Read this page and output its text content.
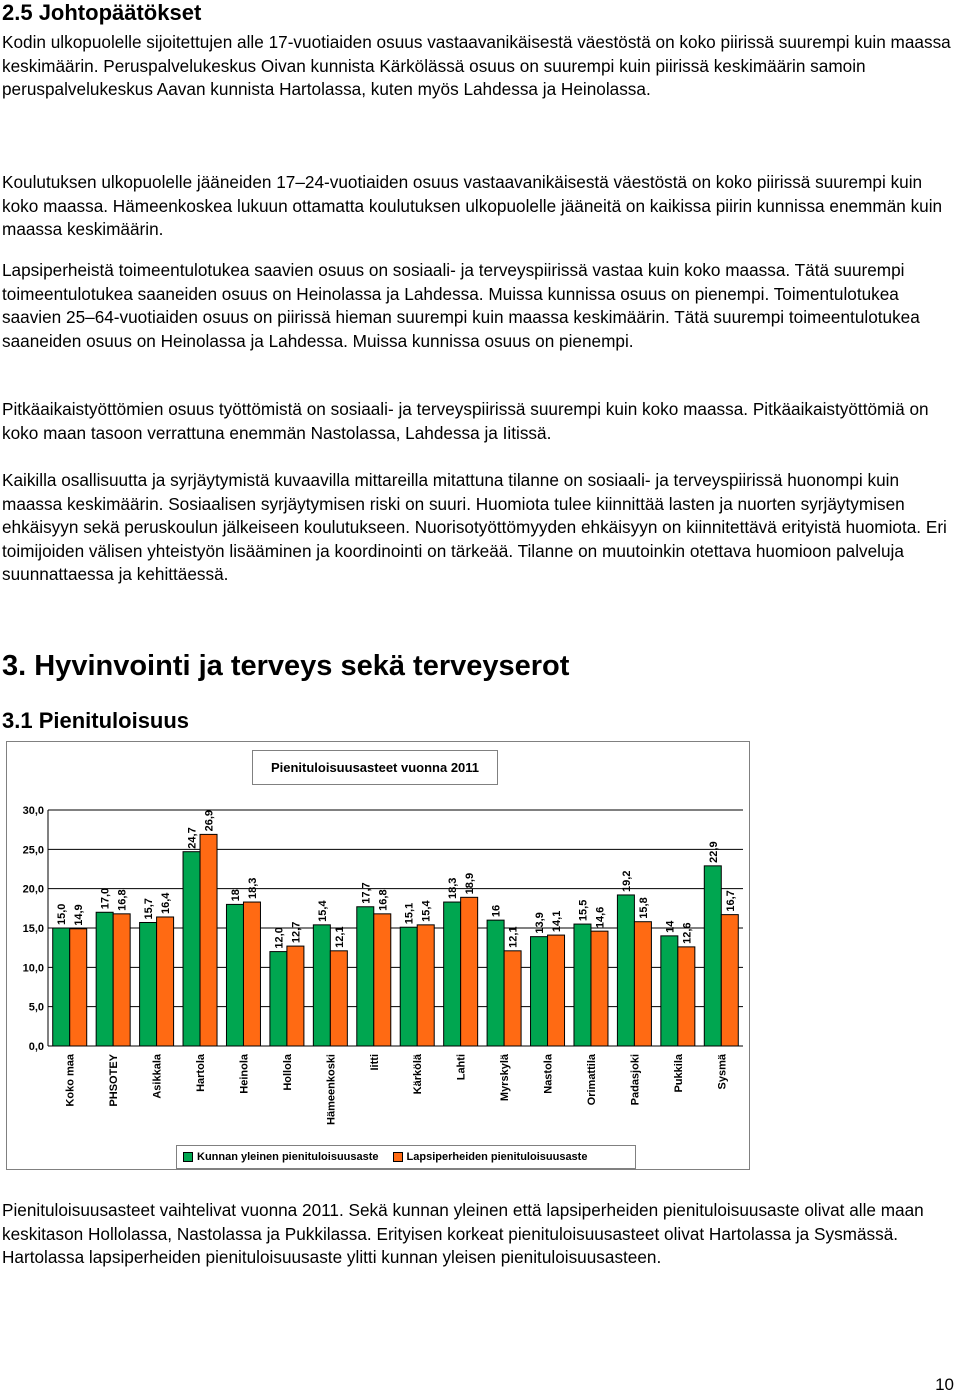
2.5 Johtopäätökset

Kodin ulkopuolelle sijoitettujen alle 17-vuotiaiden osuus vastaavanikäisestä väestöstä on koko piirissä suurempi kuin maassa keskimäärin. Peruspalvelukeskus Oivan kunnista Kärkölässä osuus on suurempi kuin piirissä keskimäärin samoin peruspalvelukeskus Aavan kunnista Hartolassa, kuten myös Lahdessa ja Heinolassa.

Koulutuksen ulkopuolelle jääneiden 17–24-vuotiaiden osuus vastaavanikäisestä väestöstä on koko piirissä suurempi kuin koko maassa. Hämeenkoskea lukuun ottamatta koulutuksen ulkopuolelle jääneitä on kaikissa piirin kunnissa enemmän kuin maassa keskimäärin.

Lapsiperheistä toimeentulotukea saavien osuus on sosiaali- ja terveyspiirissä vastaa kuin koko maassa. Tätä suurempi toimeentulotukea saaneiden osuus on Heinolassa ja Lahdessa. Muissa kunnissa osuus on pienempi. Toimentulotukea saavien 25–64-vuotiaiden osuus on piirissä hieman suurempi kuin maassa keskimäärin. Tätä suurempi toimeentulotukea saaneiden osuus on Heinolassa ja Lahdessa. Muissa kunnissa osuus on pienempi.

Pitkäaikaistyöttömien osuus työttömistä on sosiaali- ja terveyspiirissä suurempi kuin koko maassa. Pitkäaikaistyöttömiä on koko maan tasoon verrattuna enemmän Nastolassa, Lahdessa ja Iitissä.

Kaikilla osallisuutta ja syrjäytymistä kuvaavilla mittareilla mitattuna tilanne on sosiaali- ja terveyspiirissä huonompi kuin maassa keskimäärin. Sosiaalisen syrjäytymisen riski on suuri. Huomiota tulee kiinnittää lasten ja nuorten syrjäytymisen ehkäisyyn sekä peruskoulun jälkeiseen koulutukseen. Nuorisotyöttömyyden ehkäisyyn on kiinnitettävä erityistä huomiota. Eri toimijoiden välisen yhteistyön lisääminen ja koordinointi on tärkeää. Tilanne on muutoinkin otettava huomioon palveluja suunnattaessa ja kehittäessä.

3. Hyvinvointi ja terveys sekä terveyserot
3.1 Pienituloisuus
0,0
5,0
10,0
15,0
20,0
25,0
30,0
15,0 14,9
Koko maa
17,0 16,8
PHSOTEY
15,7 16,4
Asikkala
24,7
26,9
Hartola
18 18,3
Heinola
12,0 12,7
Hollola
15,4
12,1
Hämeenkoski
17,7 16,8
Iitti
15,1 15,4
Kärkölä
18,3 18,9
Lahti
16
12,1
Myrskylä
13,9 14,1
Nastola
15,5 14,6
Orimattila
19,2
15,8
Padasjoki
14 12,6
Pukkila
22,9
16,7
Sysmä
Pienituloisuusasteet vuonna 2011
Kunnan yleinen pienituloisuusaste	Lapsiperheiden pienituloisuusaste

Pienituloisuusasteet vaihtelivat vuonna 2011. Sekä kunnan yleinen että lapsiperheiden pienituloisuusaste olivat alle maan keskitason Hollolassa, Nastolassa ja Pukkilassa. Erityisen korkeat pienituloisuusasteet olivat Hartolassa ja Sysmässä. Hartolassa lapsiperheiden pienituloisuusaste ylitti kunnan yleisen pienituloisuusasteen.

10
